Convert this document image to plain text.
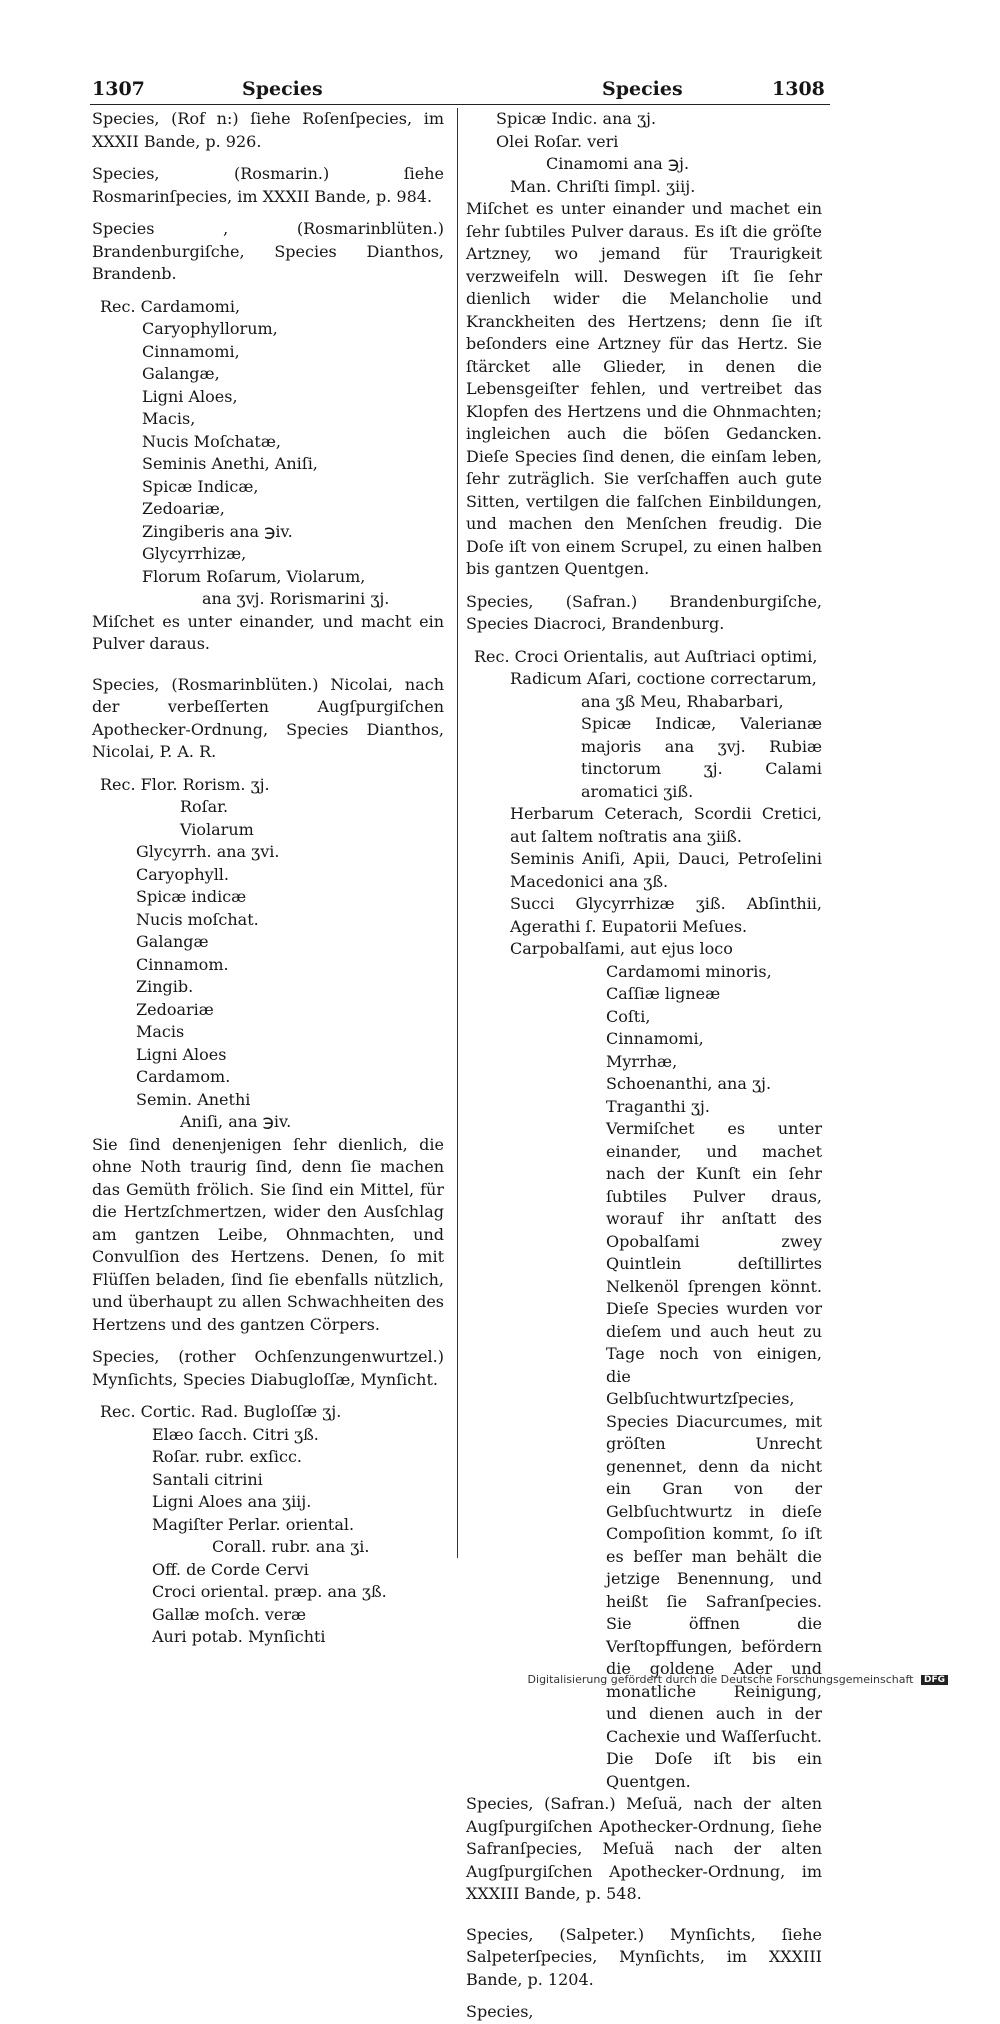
1307	Species	Species	1308

Species, (Rof n:) ſiehe Roſenſpecies, im XXXII Bande, p. 926.

Species, (Rosmarin.) ſiehe Rosmarinſpecies, im XXXII Bande, p. 984.

Species , (Rosmarinblüten.) Brandenburgiſche, Species Dianthos, Brandenb.

Rec. Cardamomi,

Caryophyllorum,

Cinnamomi,

Galangæ,

Ligni Aloes,

Macis,

Nucis Moſchatæ,

Seminis Anethi, Aniſi,

Spicæ Indicæ,

Zedoariæ,

Zingiberis ana ℈iv.

Glycyrrhizæ,

Florum Roſarum, Violarum,

ana ʒvj. Rorismarini ʒj.

Miſchet es unter einander, und macht ein Pulver daraus.

Species, (Rosmarinblüten.) Nicolai, nach der verbeſſerten Augſpurgiſchen Apothecker-Ordnung, Species Dianthos, Nicolai, P. A. R.

Rec. Flor. Rorism. ʒj.

Roſar.

Violarum

Glycyrrh. ana ʒvi.

Caryophyll.

Spicæ indicæ

Nucis moſchat.

Galangæ

Cinnamom.

Zingib.

Zedoariæ

Macis

Ligni Aloes

Cardamom.

Semin. Anethi

Aniſi, ana ℈iv.

Sie ſind denenjenigen ſehr dienlich, die ohne Noth traurig ſind, denn ſie machen das Gemüth frölich. Sie ſind ein Mittel, für die Hertzſchmertzen, wider den Ausſchlag am gantzen Leibe, Ohnmachten, und Convulſion des Hertzens. Denen, ſo mit Flüſſen beladen, ſind ſie ebenfalls nützlich, und überhaupt zu allen Schwachheiten des Hertzens und des gantzen Cörpers.

Species, (rother Ochſenzungenwurtzel.) Mynſichts, Species Diabugloſſæ, Mynſicht.

Rec. Cortic. Rad. Bugloſſæ ʒj.

Elæo ſacch. Citri ʒß.

Roſar. rubr. exſicc.

Santali citrini

Ligni Aloes ana ʒiij.

Magiſter Perlar. oriental.

Corall. rubr. ana ʒi.

Off. de Corde Cervi

Croci oriental. præp. ana ʒß.

Gallæ moſch. veræ

Auri potab. Mynſichti

Spicæ Indic. ana ʒj.

Olei Roſar. veri

Cinamomi ana ℈j.

Man. Chriſti ſimpl. ʒiij.

Miſchet es unter einander und machet ein ſehr ſubtiles Pulver daraus. Es iſt die gröſte Artzney, wo jemand für Traurigkeit verzweifeln will. Deswegen iſt ſie ſehr dienlich wider die Melancholie und Kranckheiten des Hertzens; denn ſie iſt beſonders eine Artzney für das Hertz. Sie ſtärcket alle Glieder, in denen die Lebensgeiſter fehlen, und vertreibet das Klopfen des Hertzens und die Ohnmachten; ingleichen auch die böſen Gedancken. Dieſe Species ſind denen, die einſam leben, ſehr zuträglich. Sie verſchaffen auch gute Sitten, vertilgen die falſchen Einbildungen, und machen den Menſchen freudig. Die Doſe iſt von einem Scrupel, zu einen halben bis gantzen Quentgen.

Species, (Safran.) Brandenburgiſche, Species Diacroci, Brandenburg.

Rec. Croci Orientalis, aut Auſtriaci optimi,

Radicum Aſari, coctione correctarum,

ana ʒß Meu, Rhabarbari,

Spicæ Indicæ, Valerianæ majoris ana ʒvj. Rubiæ tinctorum ʒj. Calami aromatici ʒiß.

Herbarum Ceterach, Scordii Cretici, aut ſaltem noſtratis ana ʒiiß.

Seminis Aniſi, Apii, Dauci, Petroſelini Macedonici ana ʒß.

Succi Glycyrrhizæ ʒiß. Abſinthii, Agerathi ſ. Eupatorii Meſues.

Carpobalſami, aut ejus loco

Cardamomi minoris,

Caſſiæ ligneæ

Coſti,

Cinnamomi,

Myrrhæ,

Schoenanthi, ana ʒj.

Traganthi ʒj.

Vermiſchet es unter einander, und machet nach der Kunſt ein ſehr ſubtiles Pulver draus, worauf ihr anſtatt des Opobalſami zwey Quintlein deſtillirtes Nelkenöl ſprengen könnt. Dieſe Species wurden vor dieſem und auch heut zu Tage noch von einigen, die Gelbſuchtwurtzſpecies, Species Diacurcumes, mit gröſten Unrecht genennet, denn da nicht ein Gran von der Gelbſuchtwurtz in dieſe Compoſition kommt, ſo iſt es beſſer man behält die jetzige Benennung, und heißt ſie Safranſpecies. Sie öffnen die Verſtopffungen, befördern die goldene Ader und monatliche Reinigung, und dienen auch in der Cachexie und Waſſerſucht. Die Doſe iſt bis ein Quentgen.

Species, (Safran.) Meſuä, nach der alten Augſpurgiſchen Apothecker-Ordnung, ſiehe Safranſpecies, Meſuä nach der alten Augſpurgiſchen Apothecker-Ordnung, im XXXIII Bande, p. 548.

Species, (Salpeter.) Mynſichts, ſiehe Salpeterſpecies, Mynſichts, im XXXIII Bande, p. 1204.

Species,

Digitalisierung gefördert durch die Deutsche Forschungsgemeinschaft DFG
